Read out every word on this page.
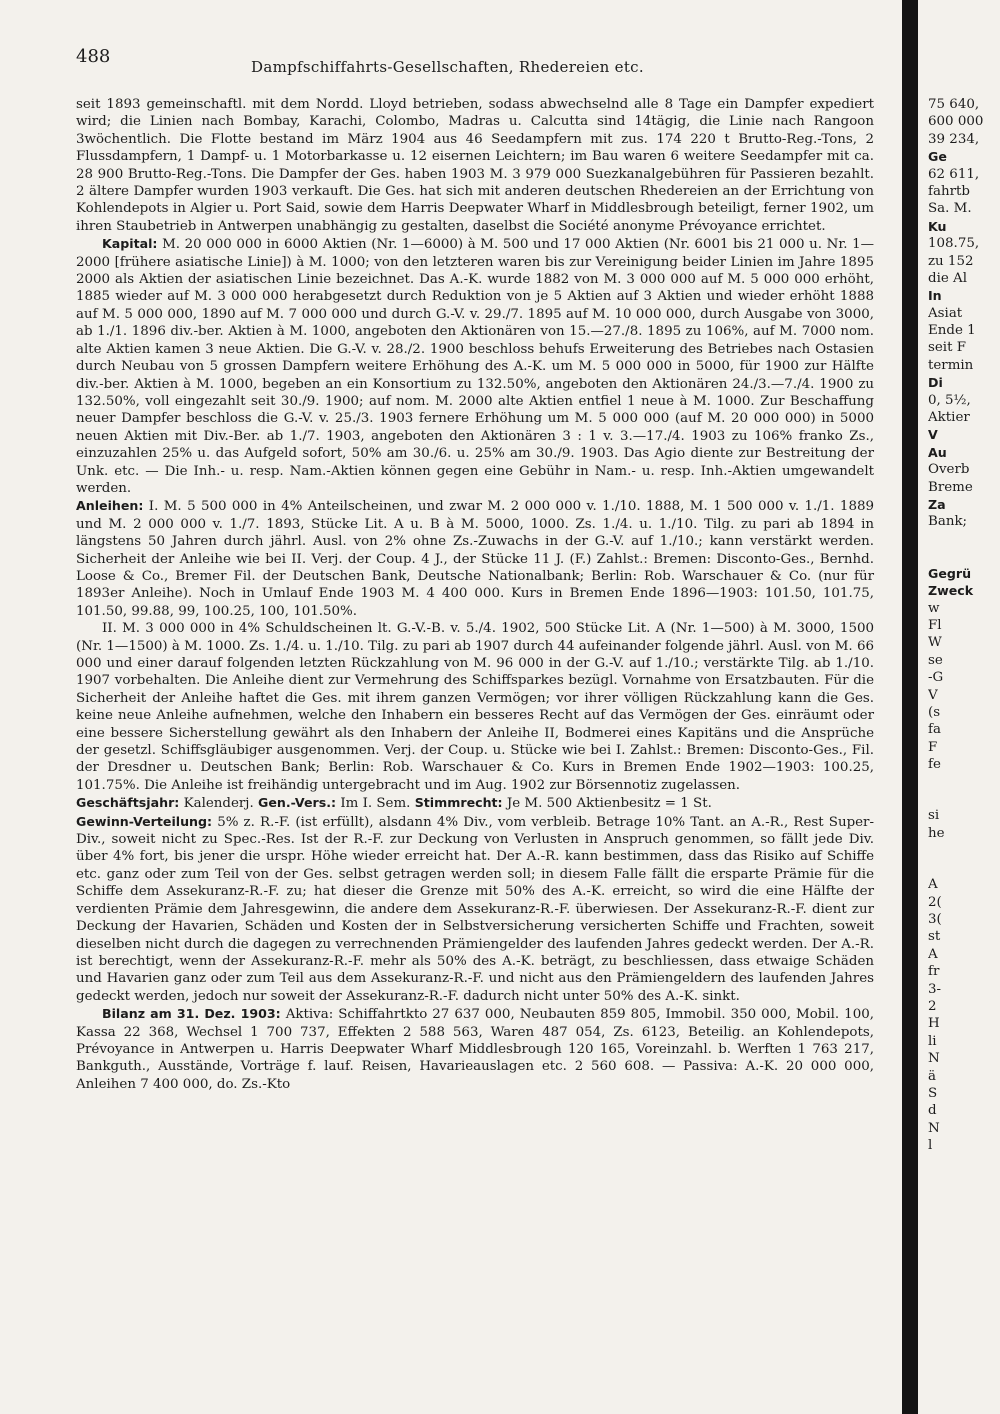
488	Dampfschiffahrts-Gesellschaften, Rhedereien etc.

seit 1893 gemeinschaftl. mit dem Nordd. Lloyd betrieben, sodass abwechselnd alle 8 Tage ein Dampfer expediert wird; die Linien nach Bombay, Karachi, Colombo, Madras u. Calcutta sind 14tägig, die Linie nach Rangoon 3wöchentlich. Die Flotte bestand im März 1904 aus 46 Seedampfern mit zus. 174 220 t Brutto-Reg.-Tons, 2 Flussdampfern, 1 Dampf- u. 1 Motorbarkasse u. 12 eisernen Leichtern; im Bau waren 6 weitere Seedampfer mit ca. 28 900 Brutto-Reg.-Tons. Die Dampfer der Ges. haben 1903 M. 3 979 000 Suezkanalgebühren für Passieren bezahlt. 2 ältere Dampfer wurden 1903 verkauft. Die Ges. hat sich mit anderen deutschen Rhedereien an der Errichtung von Kohlendepots in Algier u. Port Said, sowie dem Harris Deepwater Wharf in Middlesbrough beteiligt, ferner 1902, um ihren Staubetrieb in Antwerpen unabhängig zu gestalten, daselbst die Société anonyme Prévoyance errichtet.

Kapital: M. 20 000 000 in 6000 Aktien (Nr. 1—6000) à M. 500 und 17 000 Aktien (Nr. 6001 bis 21 000 u. Nr. 1—2000 [frühere asiatische Linie]) à M. 1000; von den letzteren waren bis zur Vereinigung beider Linien im Jahre 1895 2000 als Aktien der asiatischen Linie bezeichnet. Das A.-K. wurde 1882 von M. 3 000 000 auf M. 5 000 000 erhöht, 1885 wieder auf M. 3 000 000 herabgesetzt durch Reduktion von je 5 Aktien auf 3 Aktien und wieder erhöht 1888 auf M. 5 000 000, 1890 auf M. 7 000 000 und durch G.-V. v. 29./7. 1895 auf M. 10 000 000, durch Ausgabe von 3000, ab 1./1. 1896 div.-ber. Aktien à M. 1000, angeboten den Aktionären von 15.—27./8. 1895 zu 106%, auf M. 7000 nom. alte Aktien kamen 3 neue Aktien. Die G.-V. v. 28./2. 1900 beschloss behufs Erweiterung des Betriebes nach Ostasien durch Neubau von 5 grossen Dampfern weitere Erhöhung des A.-K. um M. 5 000 000 in 5000, für 1900 zur Hälfte div.-ber. Aktien à M. 1000, begeben an ein Konsortium zu 132.50%, angeboten den Aktionären 24./3.—7./4. 1900 zu 132.50%, voll eingezahlt seit 30./9. 1900; auf nom. M. 2000 alte Aktien entfiel 1 neue à M. 1000. Zur Beschaffung neuer Dampfer beschloss die G.-V. v. 25./3. 1903 fernere Erhöhung um M. 5 000 000 (auf M. 20 000 000) in 5000 neuen Aktien mit Div.-Ber. ab 1./7. 1903, angeboten den Aktionären 3 : 1 v. 3.—17./4. 1903 zu 106% franko Zs., einzuzahlen 25% u. das Aufgeld sofort, 50% am 30./6. u. 25% am 30./9. 1903. Das Agio diente zur Bestreitung der Unk. etc. — Die Inh.- u. resp. Nam.-Aktien können gegen eine Gebühr in Nam.- u. resp. Inh.-Aktien umgewandelt werden.

Anleihen: I. M. 5 500 000 in 4% Anteilscheinen, und zwar M. 2 000 000 v. 1./10. 1888, M. 1 500 000 v. 1./1. 1889 und M. 2 000 000 v. 1./7. 1893, Stücke Lit. A u. B à M. 5000, 1000. Zs. 1./4. u. 1./10. Tilg. zu pari ab 1894 in längstens 50 Jahren durch jährl. Ausl. von 2% ohne Zs.-Zuwachs in der G.-V. auf 1./10.; kann verstärkt werden. Sicherheit der Anleihe wie bei II. Verj. der Coup. 4 J., der Stücke 11 J. (F.) Zahlst.: Bremen: Disconto-Ges., Bernhd. Loose & Co., Bremer Fil. der Deutschen Bank, Deutsche Nationalbank; Berlin: Rob. Warschauer & Co. (nur für 1893er Anleihe). Noch in Umlauf Ende 1903 M. 4 400 000. Kurs in Bremen Ende 1896—1903: 101.50, 101.75, 101.50, 99.88, 99, 100.25, 100, 101.50%.

II. M. 3 000 000 in 4% Schuldscheinen lt. G.-V.-B. v. 5./4. 1902, 500 Stücke Lit. A (Nr. 1—500) à M. 3000, 1500 (Nr. 1—1500) à M. 1000. Zs. 1./4. u. 1./10. Tilg. zu pari ab 1907 durch 44 aufeinander folgende jährl. Ausl. von M. 66 000 und einer darauf folgenden letzten Rückzahlung von M. 96 000 in der G.-V. auf 1./10.; verstärkte Tilg. ab 1./10. 1907 vorbehalten. Die Anleihe dient zur Vermehrung des Schiffsparkes bezügl. Vornahme von Ersatzbauten. Für die Sicherheit der Anleihe haftet die Ges. mit ihrem ganzen Vermögen; vor ihrer völligen Rückzahlung kann die Ges. keine neue Anleihe aufnehmen, welche den Inhabern ein besseres Recht auf das Vermögen der Ges. einräumt oder eine bessere Sicherstellung gewährt als den Inhabern der Anleihe II, Bodmerei eines Kapitäns und die Ansprüche der gesetzl. Schiffsgläubiger ausgenommen. Verj. der Coup. u. Stücke wie bei I. Zahlst.: Bremen: Disconto-Ges., Fil. der Dresdner u. Deutschen Bank; Berlin: Rob. Warschauer & Co. Kurs in Bremen Ende 1902—1903: 100.25, 101.75%. Die Anleihe ist freihändig untergebracht und im Aug. 1902 zur Börsennotiz zugelassen.

Geschäftsjahr: Kalenderj. Gen.-Vers.: Im I. Sem. Stimmrecht: Je M. 500 Aktienbesitz = 1 St.

Gewinn-Verteilung: 5% z. R.-F. (ist erfüllt), alsdann 4% Div., vom verbleib. Betrage 10% Tant. an A.-R., Rest Super-Div., soweit nicht zu Spec.-Res. Ist der R.-F. zur Deckung von Verlusten in Anspruch genommen, so fällt jede Div. über 4% fort, bis jener die urspr. Höhe wieder erreicht hat. Der A.-R. kann bestimmen, dass das Risiko auf Schiffe etc. ganz oder zum Teil von der Ges. selbst getragen werden soll; in diesem Falle fällt die ersparte Prämie für die Schiffe dem Assekuranz-R.-F. zu; hat dieser die Grenze mit 50% des A.-K. erreicht, so wird die eine Hälfte der verdienten Prämie dem Jahresgewinn, die andere dem Assekuranz-R.-F. überwiesen. Der Assekuranz-R.-F. dient zur Deckung der Havarien, Schäden und Kosten der in Selbstversicherung versicherten Schiffe und Frachten, soweit dieselben nicht durch die dagegen zu verrechnenden Prämiengelder des laufenden Jahres gedeckt werden. Der A.-R. ist berechtigt, wenn der Assekuranz-R.-F. mehr als 50% des A.-K. beträgt, zu beschliessen, dass etwaige Schäden und Havarien ganz oder zum Teil aus dem Assekuranz-R.-F. und nicht aus den Prämiengeldern des laufenden Jahres gedeckt werden, jedoch nur soweit der Assekuranz-R.-F. dadurch nicht unter 50% des A.-K. sinkt.

Bilanz am 31. Dez. 1903: Aktiva: Schiffahrtkto 27 637 000, Neubauten 859 805, Immobil. 350 000, Mobil. 100, Kassa 22 368, Wechsel 1 700 737, Effekten 2 588 563, Waren 487 054, Zs. 6123, Beteilig. an Kohlendepots, Prévoyance in Antwerpen u. Harris Deepwater Wharf Middlesbrough 120 165, Voreinzahl. b. Werften 1 763 217, Bankguth., Ausstände, Vorträge f. lauf. Reisen, Havarieauslagen etc. 2 560 608. — Passiva: A.-K. 20 000 000, Anleihen 7 400 000, do. Zs.-Kto

75 640,
600 000
39 234,
Ge
62 611,
fahrtb
Sa. M.
Ku
108.75,
zu 152
die Al
In
Asiat
Ende 1
seit F
termin
Di
0, 5½,
Aktier
V
Au
Overb
Breme
Za
Bank;
Gegrü
Zweck
w
Fl
W
se
-G
V
(s
fa
F
fe
si
he
A
2(
3(
st
A
fr
3-
2
H
li
N
ä
S
d
N
l
